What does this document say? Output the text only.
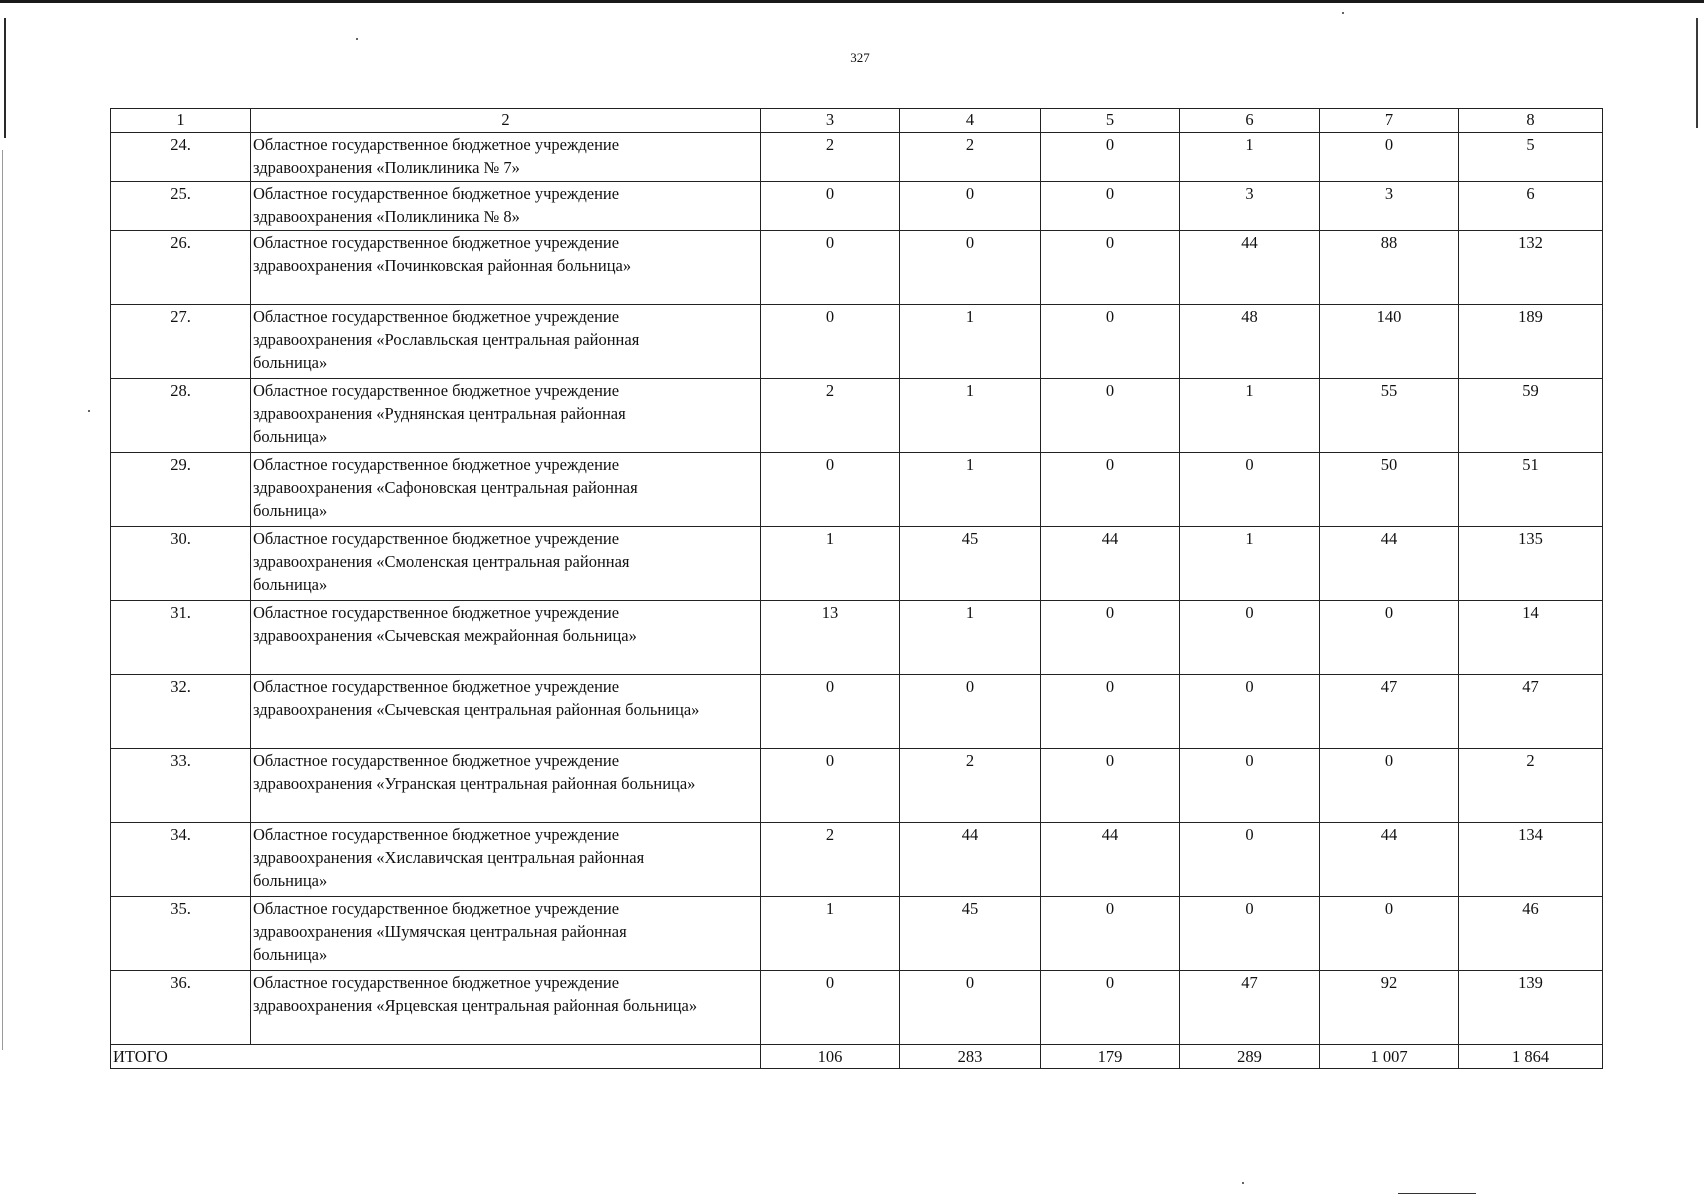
327
1	2	3	4	5	6	7	8
24.	Областное государственное бюджетное учреждение
здравоохранения «Поликлиника № 7»	2	2	0	1	0	5
25.	Областное государственное бюджетное учреждение
здравоохранения «Поликлиника № 8»	0	0	0	3	3	6
26.	Областное государственное бюджетное учреждение
здравоохранения «Починковская районная больница»	0	0	0	44	88	132
27.	Областное государственное бюджетное учреждение
здравоохранения «Рославльская центральная районная
больница»	0	1	0	48	140	189
28.	Областное государственное бюджетное учреждение
здравоохранения «Руднянская центральная районная
больница»	2	1	0	1	55	59
29.	Областное государственное бюджетное учреждение
здравоохранения «Сафоновская центральная районная
больница»	0	1	0	0	50	51
30.	Областное государственное бюджетное учреждение
здравоохранения «Смоленская центральная районная
больница»	1	45	44	1	44	135
31.	Областное государственное бюджетное учреждение
здравоохранения «Сычевская межрайонная больница»	13	1	0	0	0	14
32.	Областное государственное бюджетное учреждение
здравоохранения «Сычевская центральная районная больница»	0	0	0	0	47	47
33.	Областное государственное бюджетное учреждение
здравоохранения «Угранская центральная районная больница»	0	2	0	0	0	2
34.	Областное государственное бюджетное учреждение
здравоохранения «Хиславичская центральная районная
больница»	2	44	44	0	44	134
35.	Областное государственное бюджетное учреждение
здравоохранения «Шумячская центральная районная
больница»	1	45	0	0	0	46
36.	Областное государственное бюджетное учреждение
здравоохранения «Ярцевская центральная районная больница»	0	0	0	47	92	139
ИТОГО		106	283	179	289	1 007	1 864
